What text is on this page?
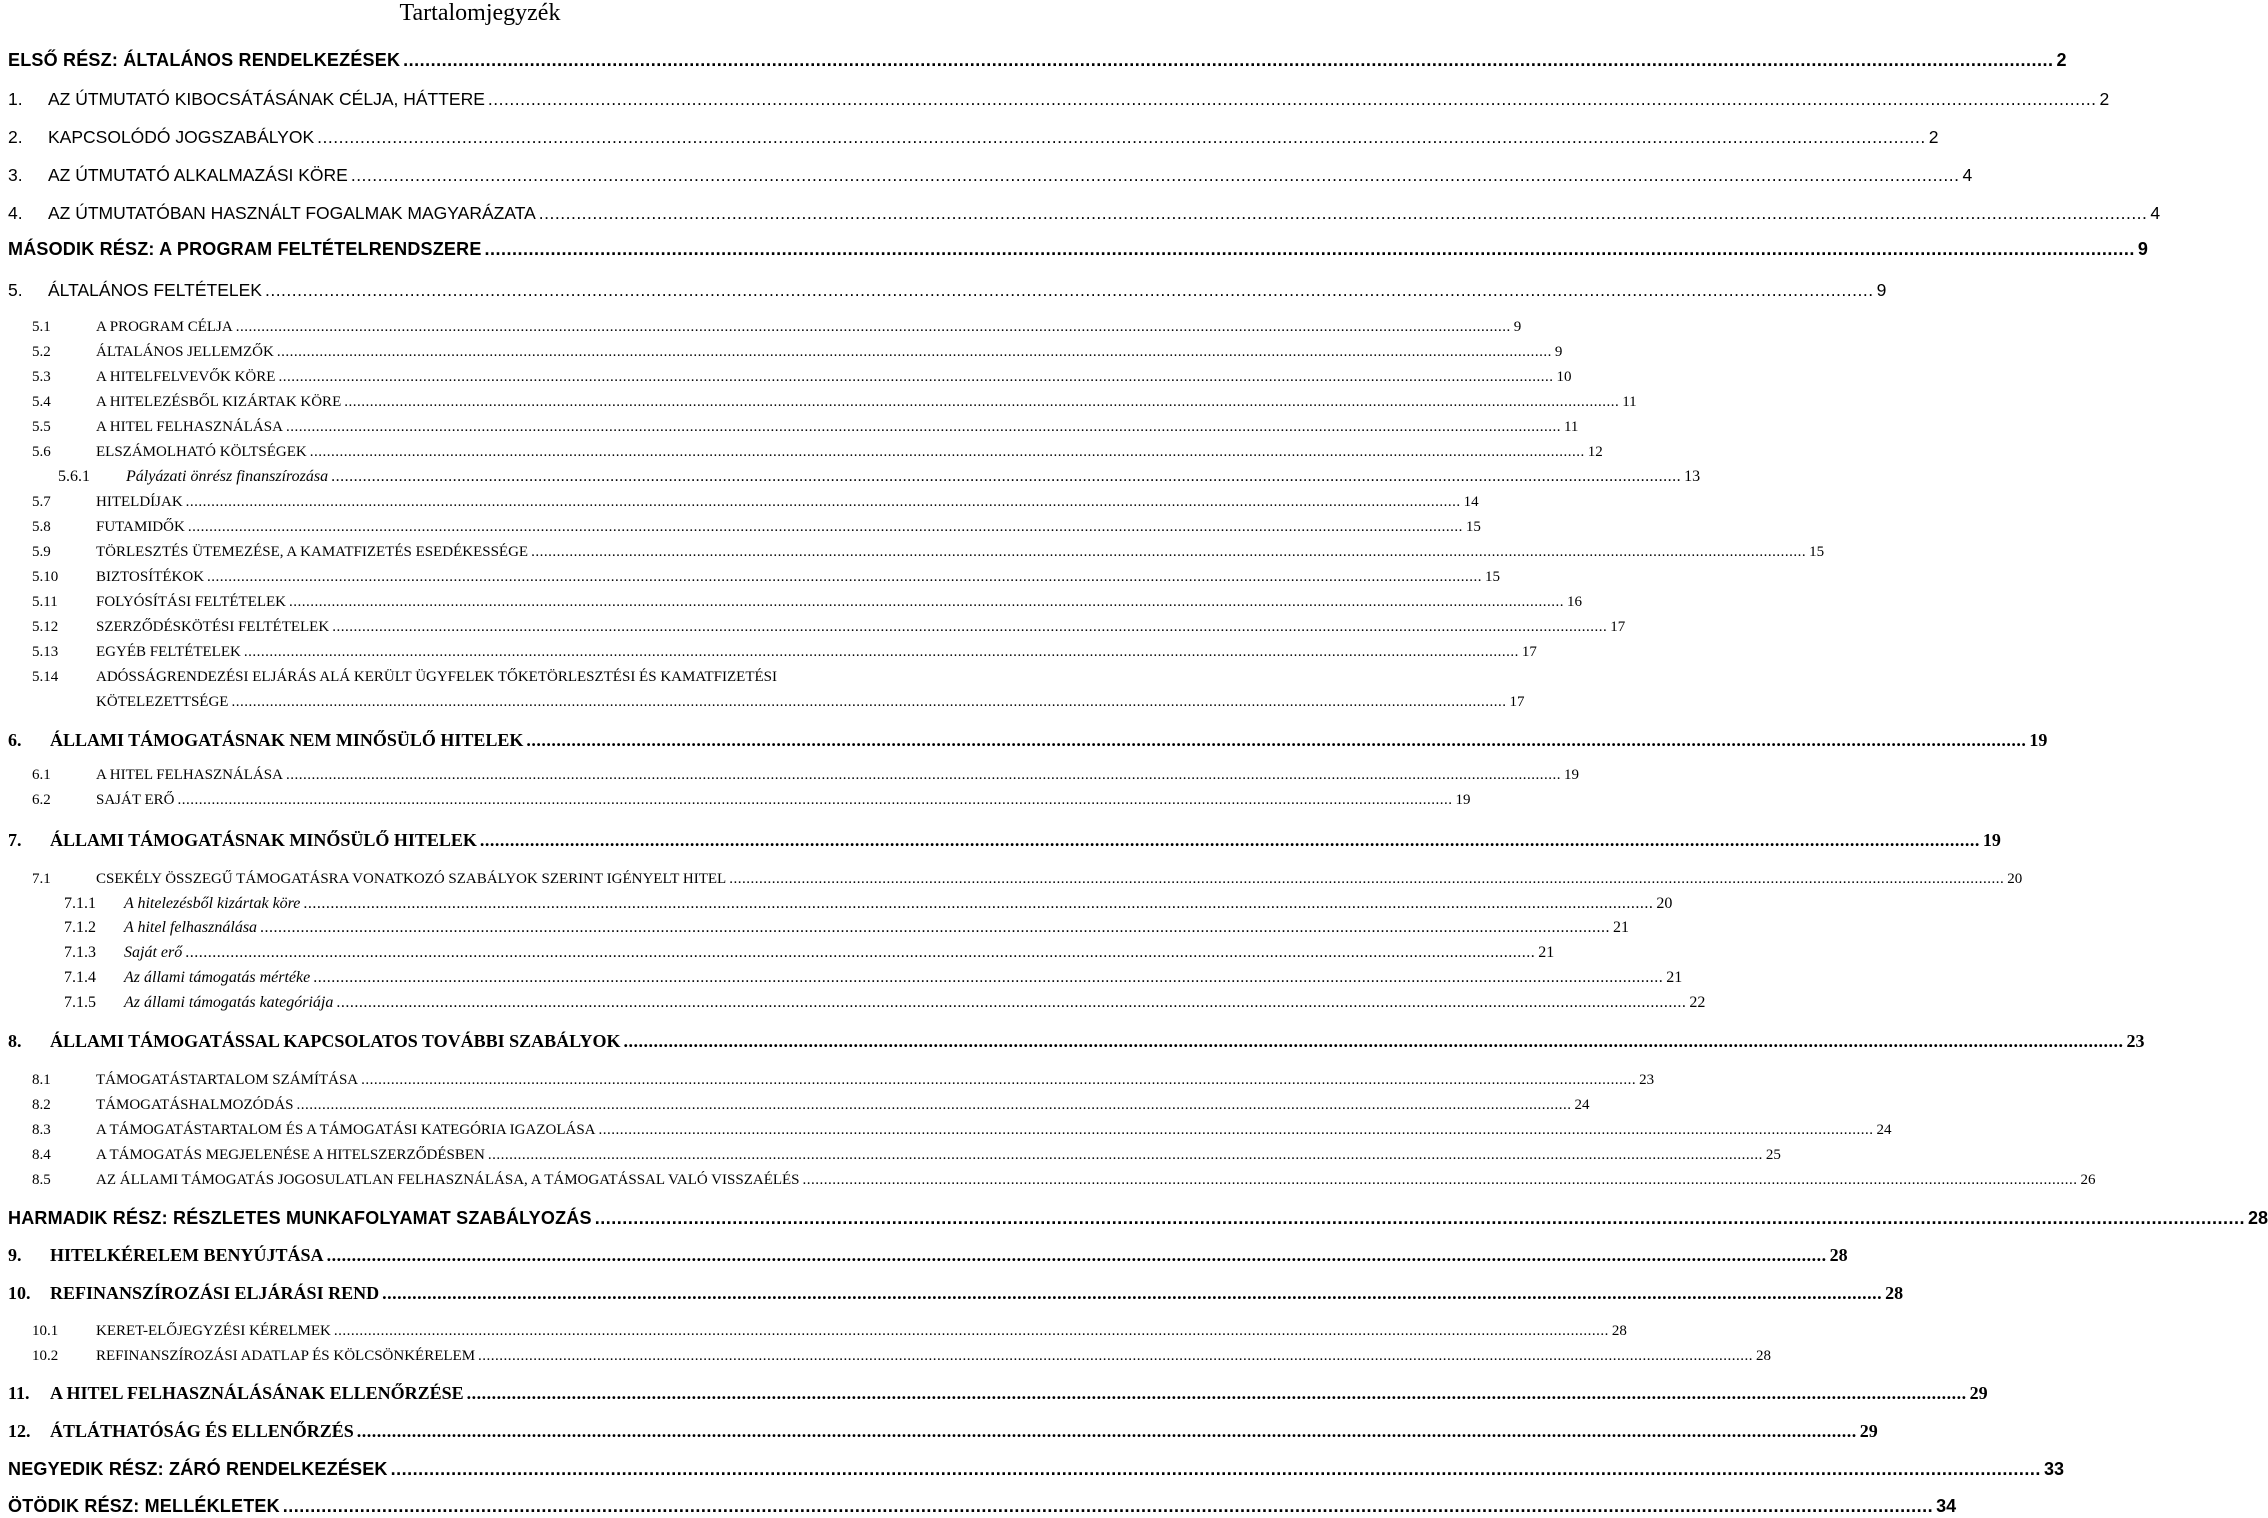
Tartalomjegyzék
ELSŐ RÉSZ: ÁLTALÁNOS RENDELKEZÉSEK ............................................................................................................................................................................................................................................................................................................ 2
1.	AZ ÚTMUTATÓ KIBOCSÁTÁSÁNAK CÉLJA, HÁTTERE ............................................................................................................................................................................................................................................................................................................ 2
2.	KAPCSOLÓDÓ JOGSZABÁLYOK ............................................................................................................................................................................................................................................................................................................ 2
3.	AZ ÚTMUTATÓ ALKALMAZÁSI KÖRE ............................................................................................................................................................................................................................................................................................................ 4
4.	AZ ÚTMUTATÓBAN HASZNÁLT FOGALMAK MAGYARÁZATA ............................................................................................................................................................................................................................................................................................................ 4
MÁSODIK RÉSZ: A PROGRAM FELTÉTELRENDSZERE ............................................................................................................................................................................................................................................................................................................ 9
5.	ÁLTALÁNOS FELTÉTELEK ............................................................................................................................................................................................................................................................................................................ 9
5.1	A PROGRAM CÉLJA ............................................................................................................................................................................................................................................................................................................ 9
5.2	ÁLTALÁNOS JELLEMZŐK ............................................................................................................................................................................................................................................................................................................ 9
5.3	A HITELFELVEVŐK KÖRE ............................................................................................................................................................................................................................................................................................................ 10
5.4	A HITELEZÉSBŐL KIZÁRTAK KÖRE ............................................................................................................................................................................................................................................................................................................ 11
5.5	A HITEL FELHASZNÁLÁSA ............................................................................................................................................................................................................................................................................................................ 11
5.6	ELSZÁMOLHATÓ KÖLTSÉGEK ............................................................................................................................................................................................................................................................................................................ 12
5.6.1	Pályázati önrész finanszírozása ............................................................................................................................................................................................................................................................................................................ 13
5.7	HITELDÍJAK ............................................................................................................................................................................................................................................................................................................ 14
5.8	FUTAMIDŐK ............................................................................................................................................................................................................................................................................................................ 15
5.9	TÖRLESZTÉS ÜTEMEZÉSE, A KAMATFIZETÉS ESEDÉKESSÉGE ............................................................................................................................................................................................................................................................................................................ 15
5.10	BIZTOSÍTÉKOK ............................................................................................................................................................................................................................................................................................................ 15
5.11	FOLYÓSÍTÁSI FELTÉTELEK ............................................................................................................................................................................................................................................................................................................ 16
5.12	SZERZŐDÉSKÖTÉSI FELTÉTELEK ............................................................................................................................................................................................................................................................................................................ 17
5.13	EGYÉB FELTÉTELEK ............................................................................................................................................................................................................................................................................................................ 17
5.14	ADÓSSÁGRENDEZÉSI ELJÁRÁS ALÁ KERÜLT ÜGYFELEK TŐKETÖRLESZTÉSI ÉS KAMATFIZETÉSI
KÖTELEZETTSÉGE ............................................................................................................................................................................................................................................................................................................ 17
6.	ÁLLAMI TÁMOGATÁSNAK NEM MINŐSÜLŐ HITELEK ............................................................................................................................................................................................................................................................................................................ 19
6.1	A HITEL FELHASZNÁLÁSA ............................................................................................................................................................................................................................................................................................................ 19
6.2	SAJÁT ERŐ ............................................................................................................................................................................................................................................................................................................ 19
7.	ÁLLAMI TÁMOGATÁSNAK MINŐSÜLŐ HITELEK ............................................................................................................................................................................................................................................................................................................ 19
7.1	CSEKÉLY ÖSSZEGŰ TÁMOGATÁSRA VONATKOZÓ SZABÁLYOK SZERINT IGÉNYELT HITEL ............................................................................................................................................................................................................................................................................................................ 20
7.1.1	A hitelezésből kizártak köre ............................................................................................................................................................................................................................................................................................................ 20
7.1.2	A hitel felhasználása ............................................................................................................................................................................................................................................................................................................ 21
7.1.3	Saját erő ............................................................................................................................................................................................................................................................................................................ 21
7.1.4	Az állami támogatás mértéke ............................................................................................................................................................................................................................................................................................................ 21
7.1.5	Az állami támogatás kategóriája ............................................................................................................................................................................................................................................................................................................ 22
8.	ÁLLAMI TÁMOGATÁSSAL KAPCSOLATOS TOVÁBBI SZABÁLYOK ............................................................................................................................................................................................................................................................................................................ 23
8.1	TÁMOGATÁSTARTALOM SZÁMÍTÁSA ............................................................................................................................................................................................................................................................................................................ 23
8.2	TÁMOGATÁSHALMOZÓDÁS ............................................................................................................................................................................................................................................................................................................ 24
8.3	A TÁMOGATÁSTARTALOM ÉS A TÁMOGATÁSI KATEGÓRIA IGAZOLÁSA ............................................................................................................................................................................................................................................................................................................ 24
8.4	A TÁMOGATÁS MEGJELENÉSE A HITELSZERZŐDÉSBEN ............................................................................................................................................................................................................................................................................................................ 25
8.5	AZ ÁLLAMI TÁMOGATÁS JOGOSULATLAN FELHASZNÁLÁSA, A TÁMOGATÁSSAL VALÓ VISSZAÉLÉS ............................................................................................................................................................................................................................................................................................................ 26
HARMADIK RÉSZ: RÉSZLETES MUNKAFOLYAMAT SZABÁLYOZÁS ............................................................................................................................................................................................................................................................................................................ 28
9.	HITELKÉRELEM BENYÚJTÁSA ............................................................................................................................................................................................................................................................................................................ 28
10.	REFINANSZÍROZÁSI ELJÁRÁSI REND ............................................................................................................................................................................................................................................................................................................ 28
10.1	KERET-ELŐJEGYZÉSI KÉRELMEK ............................................................................................................................................................................................................................................................................................................ 28
10.2	REFINANSZÍROZÁSI ADATLAP ÉS KÖLCSÖNKÉRELEM ............................................................................................................................................................................................................................................................................................................ 28
11.	A HITEL FELHASZNÁLÁSÁNAK ELLENŐRZÉSE ............................................................................................................................................................................................................................................................................................................ 29
12.	ÁTLÁTHATÓSÁG ÉS ELLENŐRZÉS ............................................................................................................................................................................................................................................................................................................ 29
NEGYEDIK RÉSZ: ZÁRÓ RENDELKEZÉSEK ............................................................................................................................................................................................................................................................................................................ 33
ÖTÖDIK RÉSZ: MELLÉKLETEK ............................................................................................................................................................................................................................................................................................................ 34
